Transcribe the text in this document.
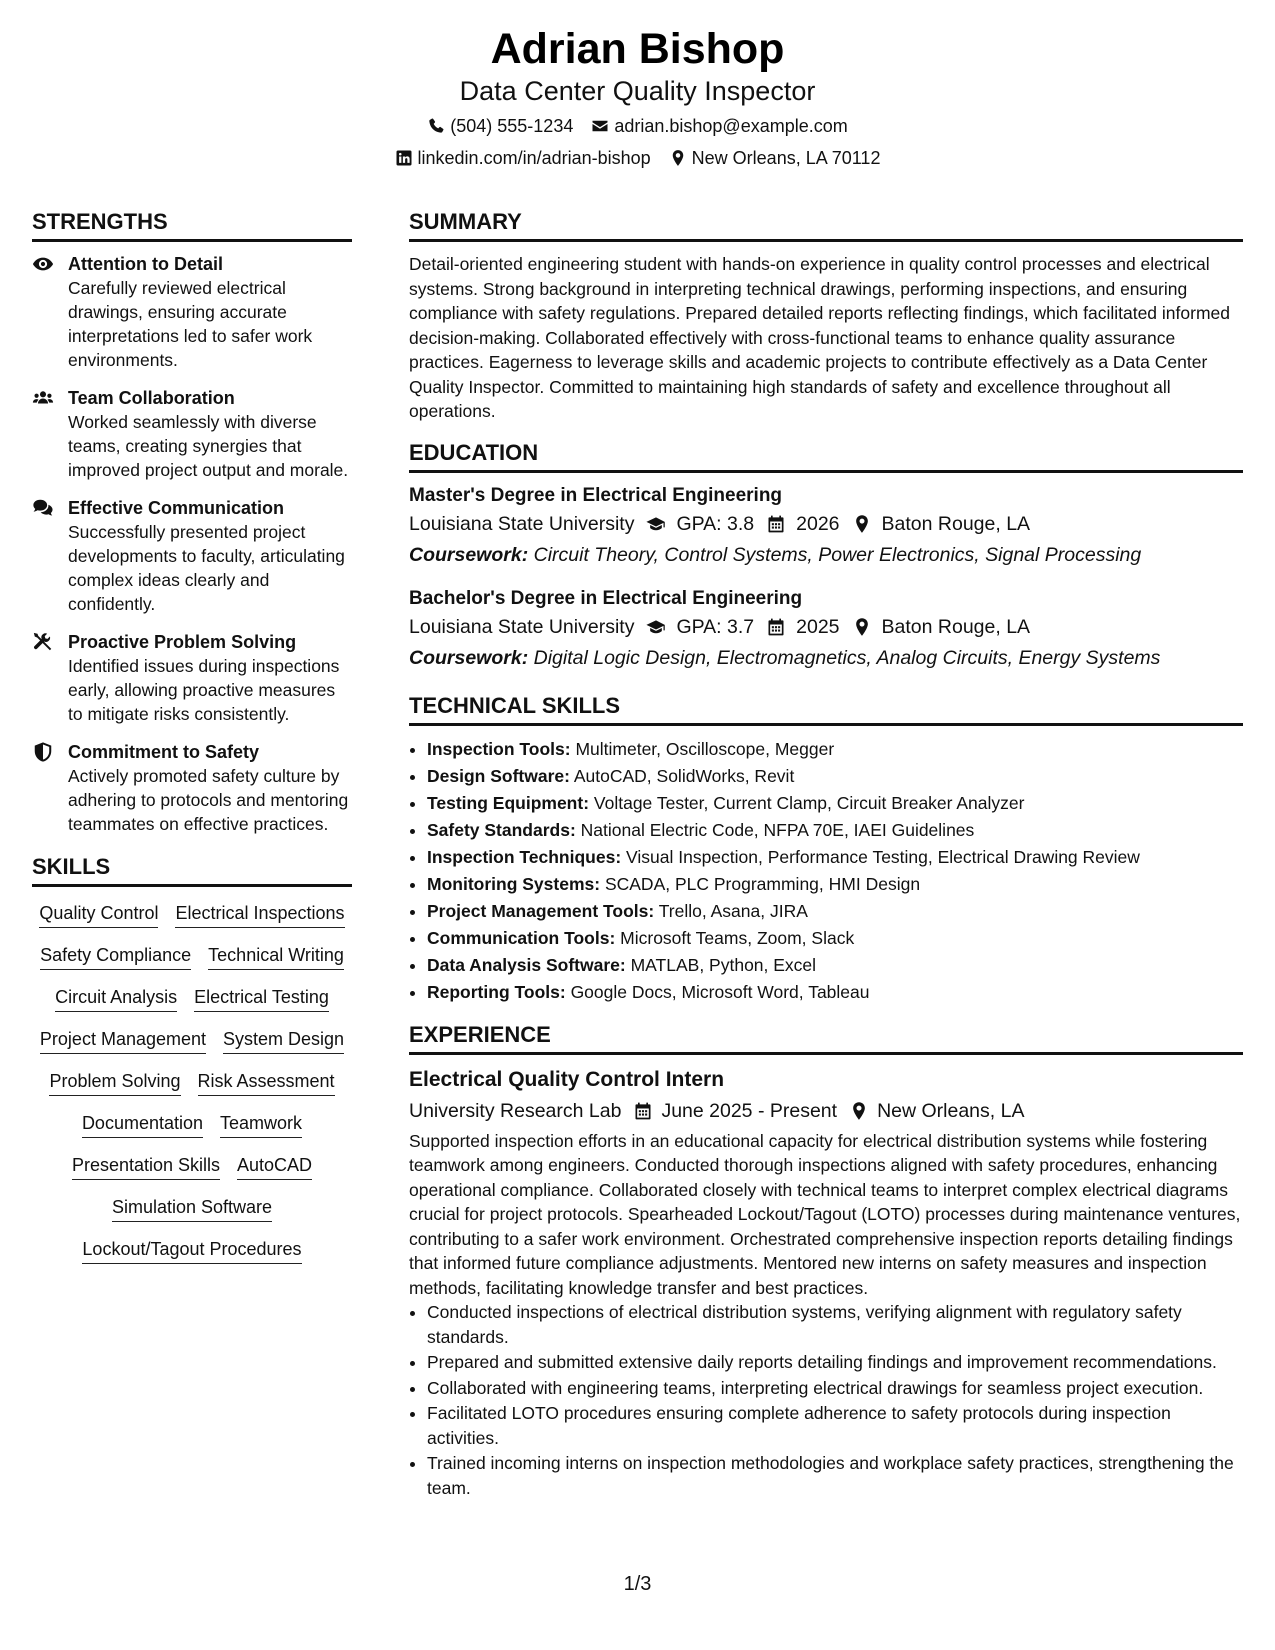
Adrian Bishop
Data Center Quality Inspector
(504) 555-1234 adrian.bishop@example.com
linkedin.com/in/adrian-bishop New Orleans, LA 70112
STRENGTHS
Attention to Detail
Carefully reviewed electrical drawings, ensuring accurate interpretations led to safer work environments.
Team Collaboration
Worked seamlessly with diverse teams, creating synergies that improved project output and morale.
Effective Communication
Successfully presented project developments to faculty, articulating complex ideas clearly and confidently.
Proactive Problem Solving
Identified issues during inspections early, allowing proactive measures to mitigate risks consistently.
Commitment to Safety
Actively promoted safety culture by adhering to protocols and mentoring teammates on effective practices.
SKILLS
Quality Control Electrical Inspections
Safety Compliance Technical Writing
Circuit Analysis Electrical Testing
Project Management System Design
Problem Solving Risk Assessment
Documentation Teamwork
Presentation Skills AutoCAD
Simulation Software
Lockout/Tagout Procedures
SUMMARY
Detail-oriented engineering student with hands-on experience in quality control processes and electrical systems. Strong background in interpreting technical drawings, performing inspections, and ensuring compliance with safety regulations. Prepared detailed reports reflecting findings, which facilitated informed decision-making. Collaborated effectively with cross-functional teams to enhance quality assurance practices. Eagerness to leverage skills and academic projects to contribute effectively as a Data Center Quality Inspector. Committed to maintaining high standards of safety and excellence throughout all operations.
EDUCATION
Master's Degree in Electrical Engineering
Louisiana State University GPA: 3.8 2026 Baton Rouge, LA
Coursework: Circuit Theory, Control Systems, Power Electronics, Signal Processing
Bachelor's Degree in Electrical Engineering
Louisiana State University GPA: 3.7 2025 Baton Rouge, LA
Coursework: Digital Logic Design, Electromagnetics, Analog Circuits, Energy Systems
TECHNICAL SKILLS
• Inspection Tools: Multimeter, Oscilloscope, Megger
• Design Software: AutoCAD, SolidWorks, Revit
• Testing Equipment: Voltage Tester, Current Clamp, Circuit Breaker Analyzer
• Safety Standards: National Electric Code, NFPA 70E, IAEI Guidelines
• Inspection Techniques: Visual Inspection, Performance Testing, Electrical Drawing Review
• Monitoring Systems: SCADA, PLC Programming, HMI Design
• Project Management Tools: Trello, Asana, JIRA
• Communication Tools: Microsoft Teams, Zoom, Slack
• Data Analysis Software: MATLAB, Python, Excel
• Reporting Tools: Google Docs, Microsoft Word, Tableau
EXPERIENCE
Electrical Quality Control Intern
University Research Lab June 2025 - Present New Orleans, LA
Supported inspection efforts in an educational capacity for electrical distribution systems while fostering teamwork among engineers. Conducted thorough inspections aligned with safety procedures, enhancing operational compliance. Collaborated closely with technical teams to interpret complex electrical diagrams crucial for project protocols. Spearheaded Lockout/Tagout (LOTO) processes during maintenance ventures, contributing to a safer work environment. Orchestrated comprehensive inspection reports detailing findings that informed future compliance adjustments. Mentored new interns on safety measures and inspection methods, facilitating knowledge transfer and best practices.
• Conducted inspections of electrical distribution systems, verifying alignment with regulatory safety standards.
• Prepared and submitted extensive daily reports detailing findings and improvement recommendations.
• Collaborated with engineering teams, interpreting electrical drawings for seamless project execution.
• Facilitated LOTO procedures ensuring complete adherence to safety protocols during inspection activities.
• Trained incoming interns on inspection methodologies and workplace safety practices, strengthening the team.
1/3
